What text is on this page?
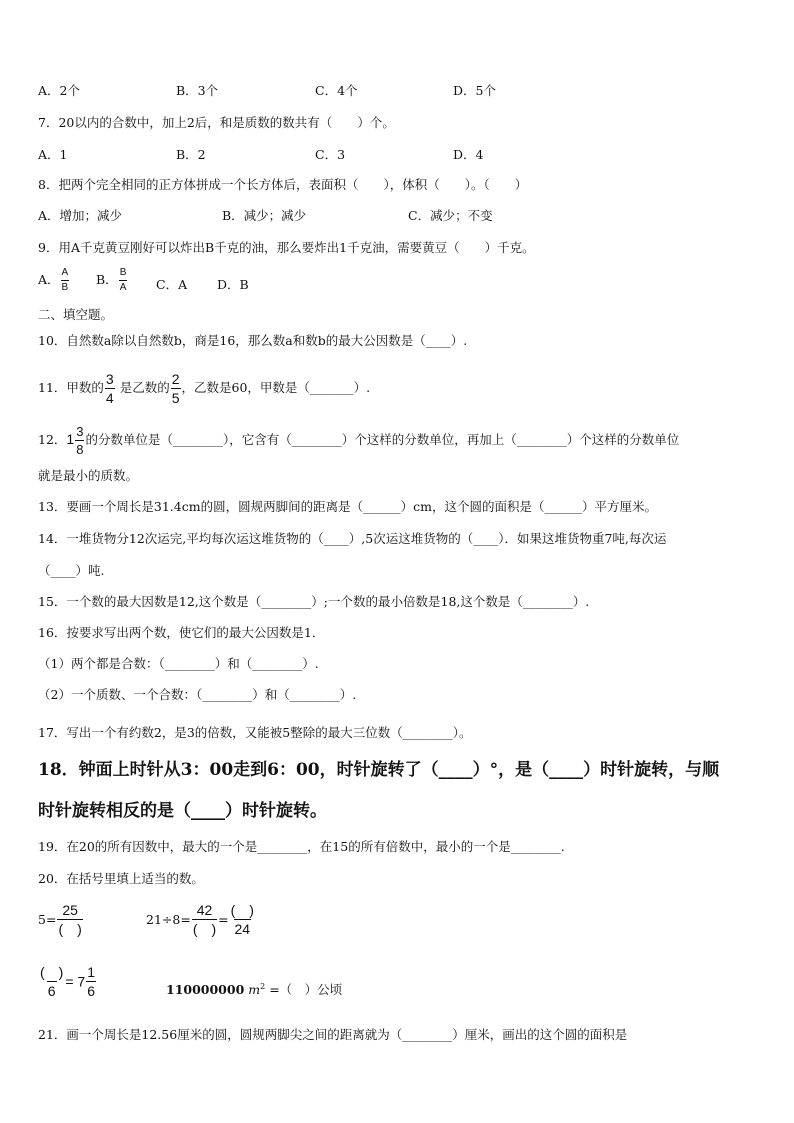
A．2个	B．3个	C．4个	D．5个
7．20以内的合数中，加上2后，和是质数的数共有（　　）个。
A．1	B．2	C．3	D．4
8．把两个完全相同的正方体拼成一个长方体后，表面积（　　），体积（　　）。（　　）
A．增加；减少	B．减少；减少	C．减少；不变
9．用A千克黄豆刚好可以炸出B千克的油，那么要炸出1千克油，需要黄豆（　　）千克。
A． $\frac{A}{B}$ B． $\frac{B}{A}$ C．A D．B
二、填空题。
10．自然数a除以自然数b，商是16，那么数a和数b的最大公因数是（____）.
11．甲数的 $\frac{3}{4}$ 是乙数的 $\frac{2}{5}$ ，乙数是60，甲数是（_______）.
12．$1 \frac{3}{8}$ 的分数单位是（________），它含有（________）个这样的分数单位，再加上（________）个这样的分数单位
就是最小的质数。
13．要画一个周长是31.4cm的圆，圆规两脚间的距离是（______）cm，这个圆的面积是（______）平方厘米。
14．一堆货物分12次运完,平均每次运这堆货物的（____）,5次运这堆货物的（____）．如果这堆货物重7吨,每次运
（____）吨.
15．一个数的最大因数是12,这个数是（________）;一个数的最小倍数是18,这个数是（________）.
16．按要求写出两个数，使它们的最大公因数是1．
（1）两个都是合数：（________）和（________）.
（2）一个质数、一个合数：（________）和（________）.
17．写出一个有约数2，是3的倍数，又能被5整除的最大三位数（________）。
18．钟面上时针从3：00走到6：00，时针旋转了（____）°，是（____）时针旋转，与顺
时针旋转相反的是（____）时针旋转。
19．在20的所有因数中，最大的一个是________，在15的所有倍数中，最小的一个是________.
20．在括号里填上适当的数。
$5= \frac{25}{( )}$	$21\div 8= \frac{42}{( )} = \frac{( )}{24}$
$\frac{( )}{6} = 7 \frac{1}{6}$	110000000 $m^2$ =（　）公顷
21．画一个周长是12.56厘米的圆，圆规两脚尖之间的距离就为（________）厘米，画出的这个圆的面积是
